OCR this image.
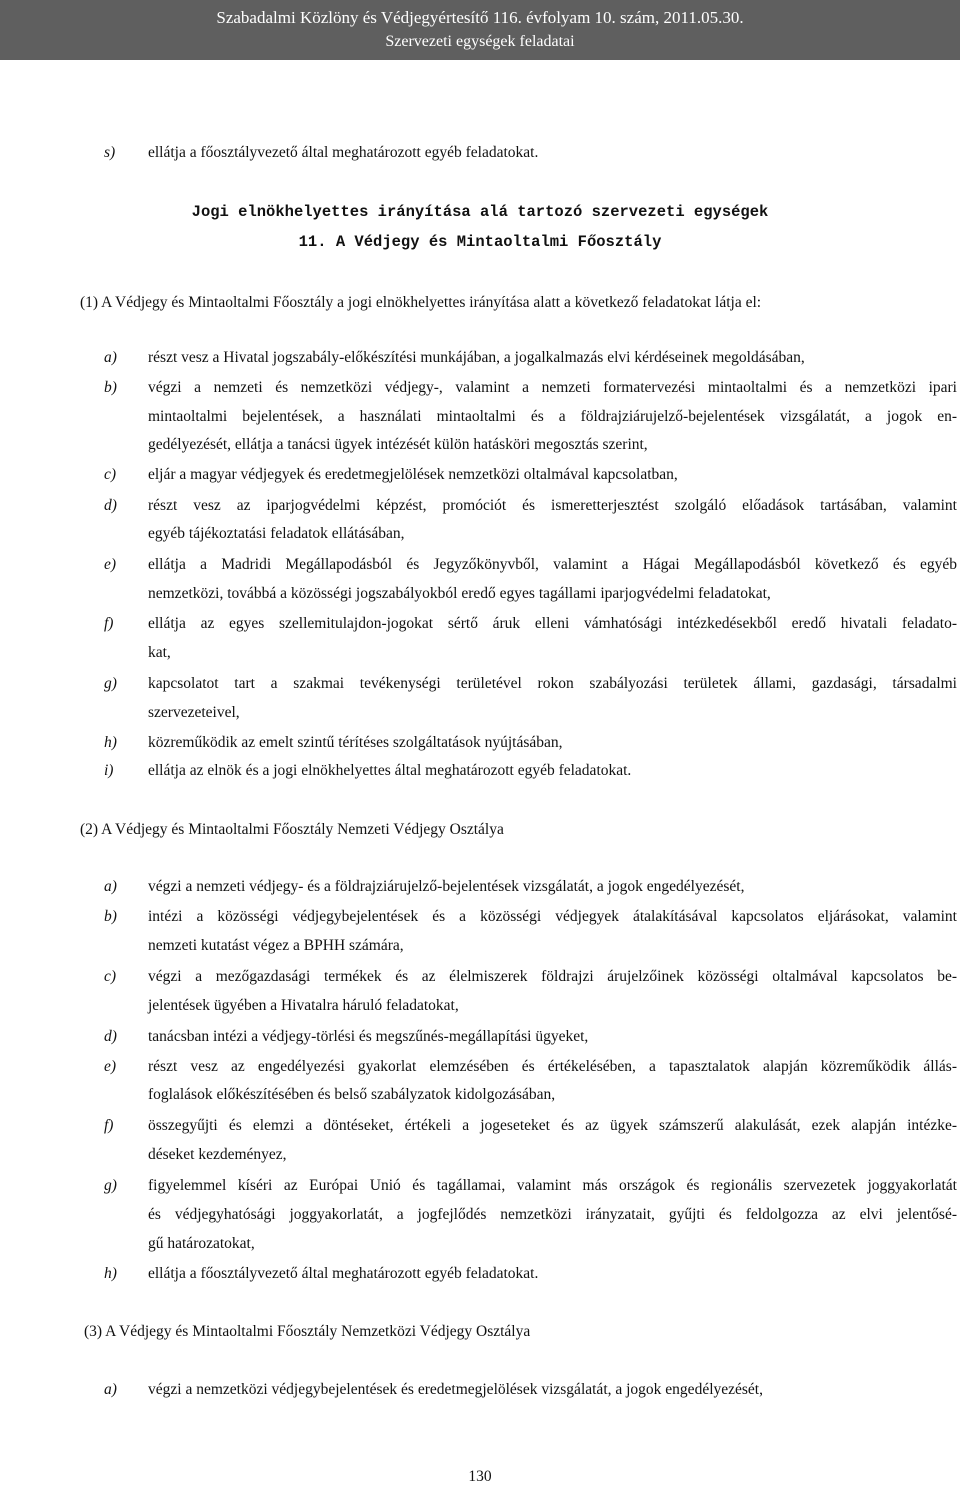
Szabadalmi Közlöny és Védjegyértesítő 116. évfolyam 10. szám, 2011.05.30.
Szervezeti egységek feladatai
s) ellátja a főosztályvezető által meghatározott egyéb feladatokat.
Jogi elnökhelyettes irányítása alá tartozó szervezeti egységek
11. A Védjegy és Mintaoltalmi Főosztály
(1) A Védjegy és Mintaoltalmi Főosztály a jogi elnökhelyettes irányítása alatt a következő feladatokat látja el:
a) részt vesz a Hivatal jogszabály-előkészítési munkájában, a jogalkalmazás elvi kérdéseinek megoldásában,
b) végzi a nemzeti és nemzetközi védjegy-, valamint a nemzeti formatervezési mintaoltalmi és a nemzetközi ipari
mintaoltalmi bejelentések, a használati mintaoltalmi és a földrajziárujelző-bejelentések vizsgálatát, a jogok en-
gedélyezését, ellátja a tanácsi ügyek intézését külön hatásköri megosztás szerint,
c) eljár a magyar védjegyek és eredetmegjelölések nemzetközi oltalmával kapcsolatban,
d) részt vesz az iparjogvédelmi képzést, promóciót és ismeretterjesztést szolgáló előadások tartásában, valamint
egyéb tájékoztatási feladatok ellátásában,
e) ellátja a Madridi Megállapodásból és Jegyzőkönyvből, valamint a Hágai Megállapodásból következő és egyéb
nemzetközi, továbbá a közösségi jogszabályokból eredő egyes tagállami iparjogvédelmi feladatokat,
f) ellátja az egyes szellemitulajdon-jogokat sértő áruk elleni vámhatósági intézkedésekből eredő hivatali feladato-
kat,
g) kapcsolatot tart a szakmai tevékenységi területével rokon szabályozási területek állami, gazdasági, társadalmi
szervezeteivel,
h) közreműködik az emelt szintű térítéses szolgáltatások nyújtásában,
i) ellátja az elnök és a jogi elnökhelyettes által meghatározott egyéb feladatokat.
(2) A Védjegy és Mintaoltalmi Főosztály Nemzeti Védjegy Osztálya
a) végzi a nemzeti védjegy- és a földrajziárujelző-bejelentések vizsgálatát, a jogok engedélyezését,
b) intézi a közösségi védjegybejelentések és a közösségi védjegyek átalakításával kapcsolatos eljárásokat, valamint
nemzeti kutatást végez a BPHH számára,
c) végzi a mezőgazdasági termékek és az élelmiszerek földrajzi árujelzőinek közösségi oltalmával kapcsolatos be-
jelentések ügyében a Hivatalra háruló feladatokat,
d) tanácsban intézi a védjegy-törlési és megszűnés-megállapítási ügyeket,
e) részt vesz az engedélyezési gyakorlat elemzésében és értékelésében, a tapasztalatok alapján közreműködik állás-
foglalások előkészítésében és belső szabályzatok kidolgozásában,
f) összegyűjti és elemzi a döntéseket, értékeli a jogeseteket és az ügyek számszerű alakulását, ezek alapján intézke-
déseket kezdeményez,
g) figyelemmel kíséri az Európai Unió és tagállamai, valamint más országok és regionális szervezetek joggyakorlatát
és védjegyhatósági joggyakorlatát, a jogfejlődés nemzetközi irányzatait, gyűjti és feldolgozza az elvi jelentősé-
gű határozatokat,
h) ellátja a főosztályvezető által meghatározott egyéb feladatokat.
(3) A Védjegy és Mintaoltalmi Főosztály Nemzetközi Védjegy Osztálya
a) végzi a nemzetközi védjegybejelentések és eredetmegjelölések vizsgálatát, a jogok engedélyezését,
130
